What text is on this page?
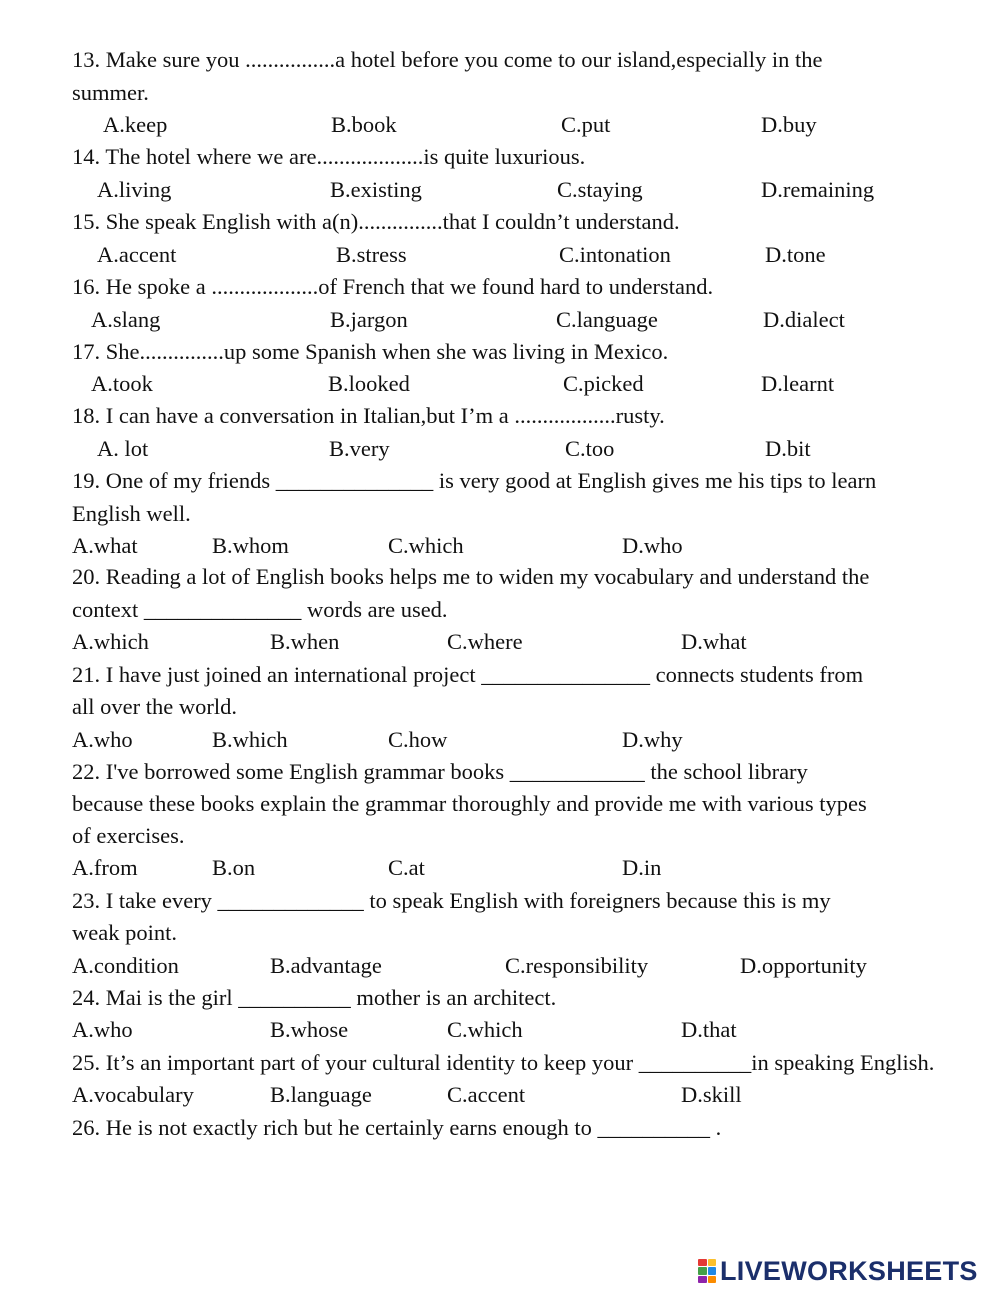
13. Make sure you ................a hotel before you come to our island,especially in the
summer.
A.keep	B.book	C.put	D.buy
14. The hotel where we are...................is quite luxurious.
A.living	B.existing	C.staying	D.remaining
15. She speak English with a(n)...............that I couldn’t understand.
A.accent	B.stress	C.intonation	D.tone
16. He spoke a ...................of French that we found hard to understand.
A.slang	B.jargon	C.language	D.dialect
17. She...............up some Spanish when she was living in Mexico.
A.took	B.looked	C.picked	D.learnt
18. I can have a conversation in Italian,but I’m a ..................rusty.
A. lot	B.very	C.too	D.bit
19. One of my friends ______________ is very good at English gives me his tips to learn
English well.
A.what	B.whom	C.which	D.who
20. Reading a lot of English books helps me to widen my vocabulary and understand the
context ______________ words are used.
A.which	B.when	C.where	D.what
21. I have just joined an international project _______________ connects students from
all over the world.
A.who	B.which	C.how	D.why
22. I've borrowed some English grammar books ____________ the school library
because these books explain the grammar thoroughly and provide me with various types
of exercises.
A.from	B.on	C.at	D.in
23. I take every _____________ to speak English with foreigners because this is my
weak point.
A.condition	B.advantage	C.responsibility	D.opportunity
24. Mai is the girl __________ mother is an architect.
A.who	B.whose	C.which	D.that
25. It’s an important part of your cultural identity to keep your __________in speaking English.
A.vocabulary	B.language	C.accent	D.skill
26. He is not exactly rich but he certainly earns enough to __________ .
LIVEWORKSHEETS
